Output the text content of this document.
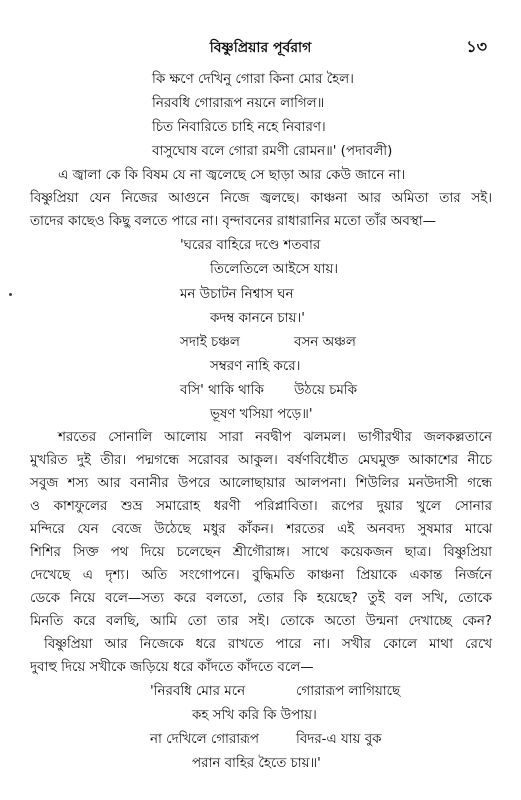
বিষ্ণুপ্রিয়ার পূর্বরাগ	১৩
কি ক্ষণে দেখিনু গোরা কিনা মোর হৈল।
নিরবধি গোরারূপ নয়নে লাগিল॥
চিত নিবারিতে চাহি নহে নিবারণ।
বাসুঘোষ বলে গোরা রমণী রোমন॥' (পদাবলী)
এ জ্বালা কে কি বিষম যে না জ্বলেছে সে ছাড়া আর কেউ জানে না।
বিষ্ণুপ্রিয়া যেন নিজের আগুনে নিজে জ্বলছে। কাঞ্চনা আর অমিতা তার সই।
তাদের কাছেও কিছু বলতে পারে না। বৃন্দাবনের রাধারানির মতো তাঁর অবস্থা—
'ঘরের বাহিরে দণ্ডে শতবার
তিলেতিলে আইসে যায়।
মন উচাটন নিশ্বাস ঘন
কদম্ব কাননে চায়।'
সদাই চঞ্চল	বসন অঞ্চল
সম্বরণ নাহি করে।
বসি' থাকি থাকি উঠয়ে চমকি
ভূষণ খসিয়া পড়ে॥'
শরতের সোনালি আলোয় সারা নবদ্বীপ ঝলমল। ভাগীরথীর জলকল্লতানে
মুখরিত দুই তীর। পদ্মগন্ধে সরোবর আকুল। বর্ষণবিধৌত মেঘমুক্ত আকাশের নীচে
সবুজ শস্য আর বনানীর উপরে আলোছায়ার আলপনা। শিউলির মনউদাসী গন্ধে
ও কাশফুলের শুভ্র সমারোহ ধরণী পরিপ্লাবিতা। রূপের দুয়ার খুলে সোনার
মন্দিরে যেন বেজে উঠেছে মধুর কাঁকন। শরতের এই অনবদ্য সুষমার মাঝে
শিশির সিক্ত পথ দিয়ে চলেছেন শ্রীগৌরাঙ্গ। সাথে কয়েকজন ছাত্র। বিষ্ণুপ্রিয়া
দেখেছে এ দৃশ্য। অতি সংগোপনে। বুদ্ধিমতি কাঞ্চনা প্রিয়াকে একান্ত নির্জনে
ডেকে নিয়ে বলে—সত্য করে বলতো, তোর কি হয়েছে? তুই বল সখি, তোকে
মিনতি করে বলছি, আমি তো তার সই। তোকে অতো উন্মনা দেখাচ্ছে কেন?
বিষ্ণুপ্রিয়া আর নিজেকে ধরে রাখতে পারে না। সখীর কোলে মাথা রেখে
দুবাহু দিয়ে সখীকে জড়িয়ে ধরে কাঁদতে কাঁদতে বলে—
'নিরবধি মোর মনে	গোরারূপ লাগিয়াছে
কহ সখি করি কি উপায়।
না দেখিলে গোরারূপ	বিদর-এ যায় বুক
পরান বাহির হৈতে চায়॥'
